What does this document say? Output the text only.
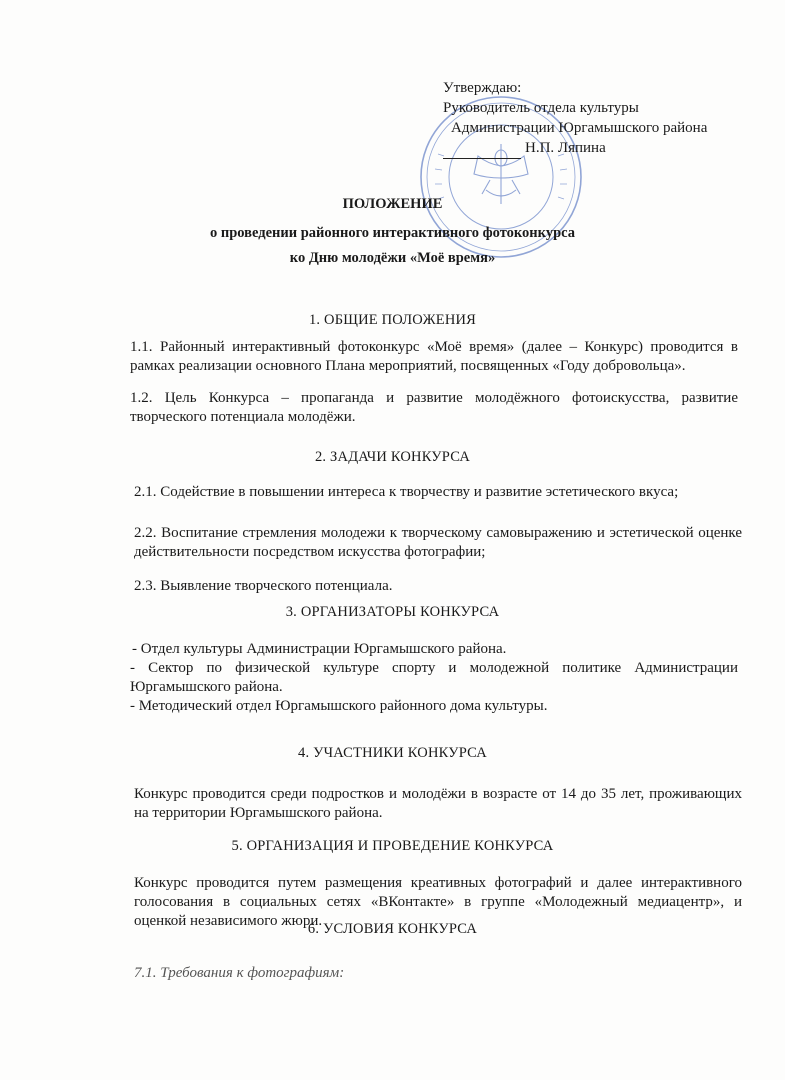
Утверждаю:
Руководитель отдела культуры
Администрации Юргамышского района
Н.П. Ляпина
ПОЛОЖЕНИЕ
о проведении районного интерактивного фотоконкурса
ко Дню молодёжи «Моё время»
1. ОБЩИЕ ПОЛОЖЕНИЯ
1.1. Районный интерактивный фотоконкурс «Моё время» (далее – Конкурс) проводится в рамках реализации основного Плана мероприятий, посвященных «Году добровольца».
1.2. Цель Конкурса – пропаганда и развитие молодёжного фотоискусства, развитие творческого потенциала молодёжи.
2. ЗАДАЧИ КОНКУРСА
2.1. Содействие в повышении интереса к творчеству и развитие эстетического вкуса;
2.2. Воспитание стремления молодежи к творческому самовыражению и эстетической оценке действительности посредством искусства фотографии;
2.3. Выявление творческого потенциала.
3. ОРГАНИЗАТОРЫ КОНКУРСА
- Отдел культуры Администрации Юргамышского района.
- Сектор по физической культуре спорту и молодежной политике Администрации Юргамышского района.
- Методический отдел Юргамышского районного дома культуры.
4. УЧАСТНИКИ КОНКУРСА
Конкурс проводится среди подростков и молодёжи в возрасте от 14 до 35 лет, проживающих на территории Юргамышского района.
5. ОРГАНИЗАЦИЯ И ПРОВЕДЕНИЕ КОНКУРСА
Конкурс проводится путем размещения креативных фотографий и далее интерактивного голосования в социальных сетях «ВКонтакте» в группе «Молодежный медиацентр», и оценкой независимого жюри.
6. УСЛОВИЯ КОНКУРСА
7.1. Требования к фотографиям:
